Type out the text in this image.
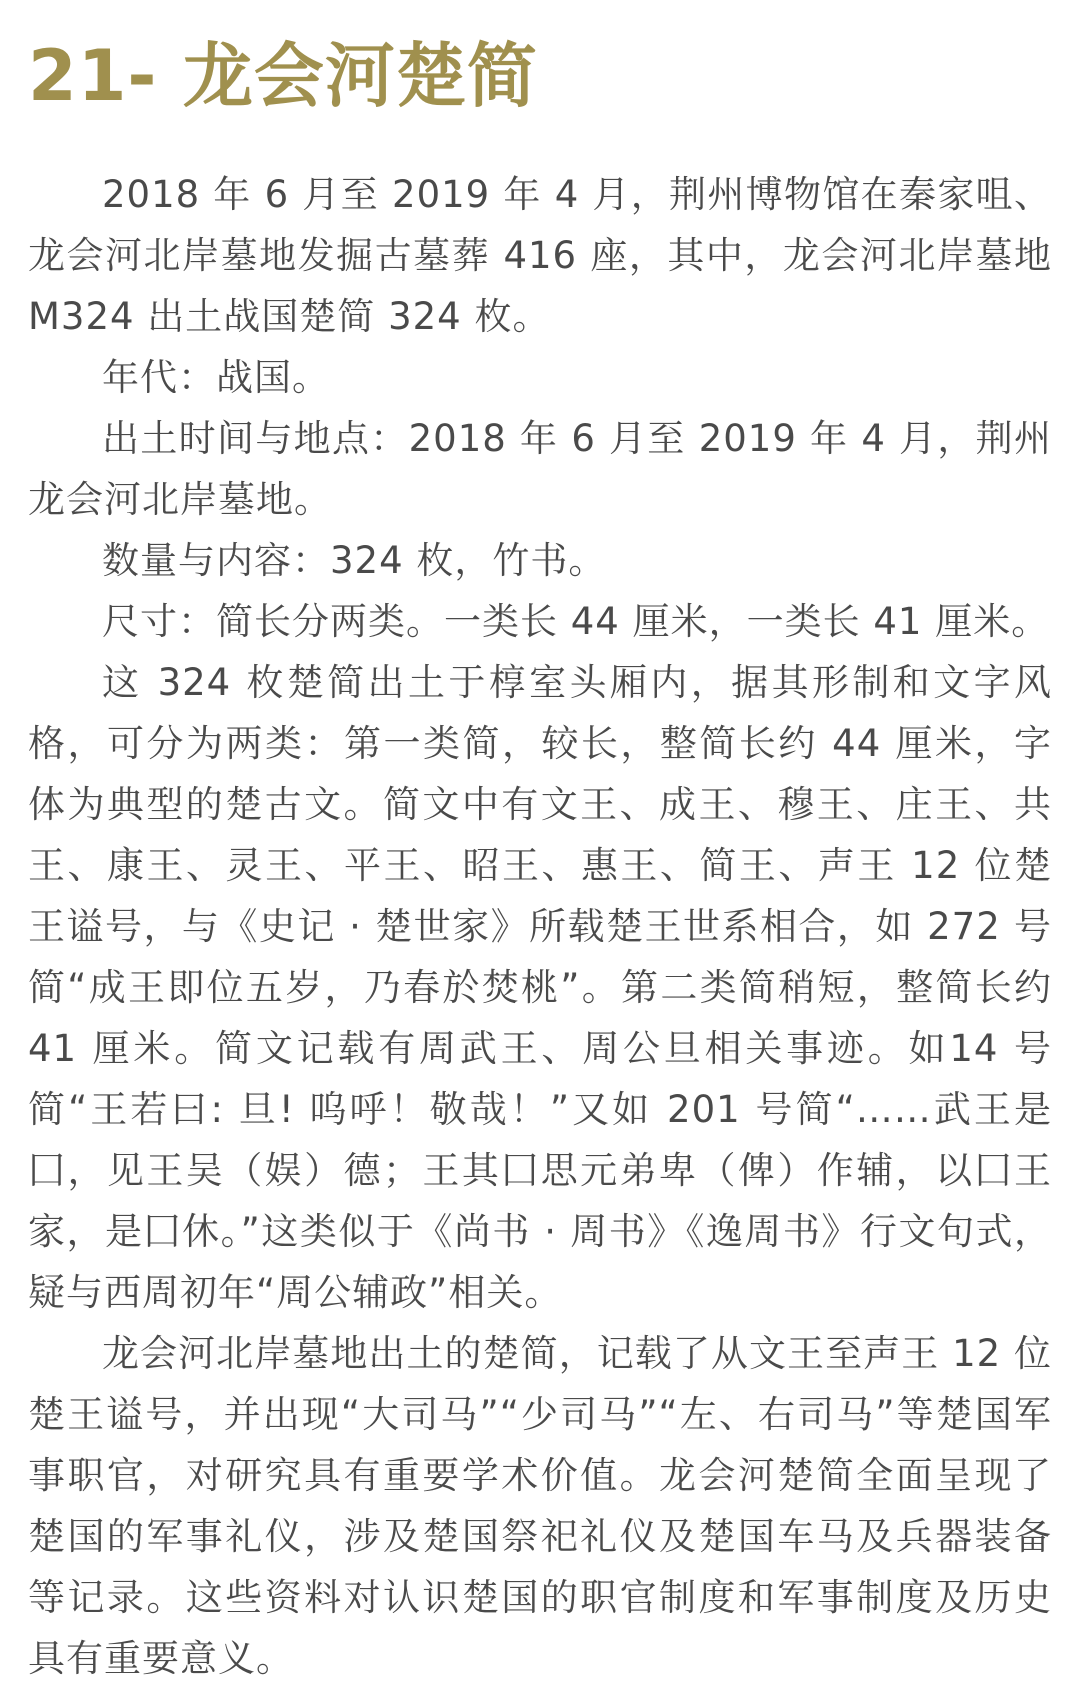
21- 龙会河楚简

2018 年 6 月至 2019 年 4 月，荆州博物馆在秦家咀、龙会河北岸墓地发掘古墓葬 416 座，其中，龙会河北岸墓地 M324 出土战国楚简 324 枚。

年代：战国。

出土时间与地点：2018 年 6 月至 2019 年 4 月，荆州龙会河北岸墓地。

数量与内容：324 枚，竹书。

尺寸：简长分两类。一类长 44 厘米，一类长 41 厘米。

这 324 枚楚简出土于椁室头厢内，据其形制和文字风格，可分为两类：第一类简，较长，整简长约 44 厘米，字体为典型的楚古文。简文中有文王、成王、穆王、庄王、共王、康王、灵王、平王、昭王、惠王、简王、声王 12 位楚王谥号，与《史记 · 楚世家》所载楚王世系相合，如 272 号简“成王即位五岁，乃春於焚桃”。第二类简稍短，整简长约 41 厘米。简文记载有周武王、周公旦相关事迹。如14 号简“王若曰: 旦! 呜呼！敬哉！”又如 201 号简“……武王是囗，见王吴（娱）德；王其囗思元弟卑（俾）作辅，以囗王家，是囗休。”这类似于《尚书 · 周书》《逸周书》行文句式，疑与西周初年“周公辅政”相关。

龙会河北岸墓地出土的楚简，记载了从文王至声王 12 位楚王谥号，并出现“大司马”“少司马”“左、右司马”等楚国军事职官，对研究具有重要学术价值。龙会河楚简全面呈现了楚国的军事礼仪，涉及楚国祭祀礼仪及楚国车马及兵器装备等记录。这些资料对认识楚国的职官制度和军事制度及历史具有重要意义。
